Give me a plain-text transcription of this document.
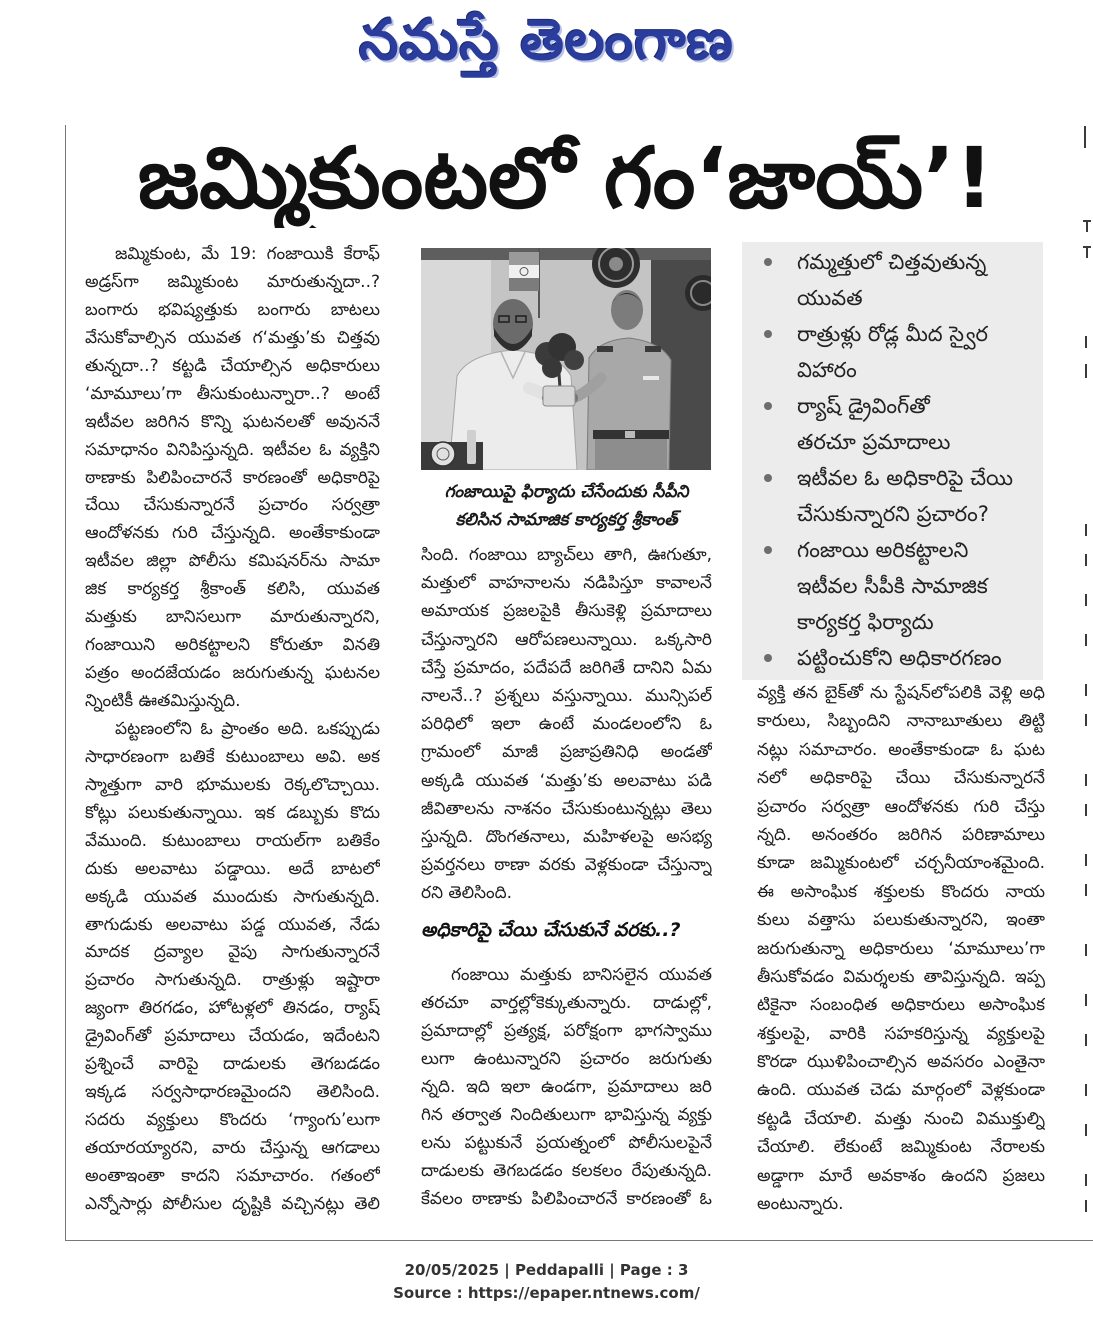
నమస్తే తెలంగాణ
జమ్మికుంటలో గం‘జాయ్’!
జమ్మికుంట, మే 19: గంజాయికి కేరాఫ్
అడ్రస్‌గా జమ్మికుంట మారుతున్నదా..?
బంగారు భవిష్యత్తుకు బంగారు బాటలు
వేసుకోవాల్సిన యువత గ‘మత్తు’కు చిత్తవు
తున్నదా..? కట్టడి చేయాల్సిన అధికారులు
‘మామూలు’గా తీసుకుంటున్నారా..? అంటే
ఇటీవల జరిగిన కొన్ని ఘటనలతో అవుననే
సమాధానం వినిపిస్తున్నది. ఇటీవల ఓ వ్యక్తిని
ఠాణాకు పిలిపించారనే కారణంతో అధికారిపై
చేయి చేసుకున్నారనే ప్రచారం సర్వత్రా
ఆందోళనకు గురి చేస్తున్నది. అంతేకాకుండా
ఇటీవల జిల్లా పోలీసు కమిషనర్‌ను సామా
జిక కార్యకర్త శ్రీకాంత్ కలిసి, యువత
మత్తుకు బానిసలుగా మారుతున్నారని,
గంజాయిని అరికట్టాలని కోరుతూ వినతి
పత్రం అందజేయడం జరుగుతున్న ఘటనల
న్నింటికీ ఊతమిస్తున్నది.
పట్టణంలోని ఓ ప్రాంతం అది. ఒకప్పుడు
సాధారణంగా బతికే కుటుంబాలు అవి. అక
స్మాత్తుగా వారి భూములకు రెక్కలొచ్చాయి.
కోట్లు పలుకుతున్నాయి. ఇక డబ్బుకు కొదు
వేముంది. కుటుంబాలు రాయల్‌గా బతికేం
దుకు అలవాటు పడ్డాయి. అదే బాటలో
అక్కడి యువత ముందుకు సాగుతున్నది.
తాగుడుకు అలవాటు పడ్డ యువత, నేడు
మాదక ద్రవ్యాల వైపు సాగుతున్నారనే
ప్రచారం సాగుతున్నది. రాత్రుళ్లు ఇష్టారా
జ్యంగా తిరగడం, హోటళ్లలో తినడం, ర్యాష్
డ్రైవింగ్‌తో ప్రమాదాలు చేయడం, ఇదేంటని
ప్రశ్నించే వారిపై దాడులకు తెగబడడం
ఇక్కడ సర్వసాధారణమైందని తెలిసింది.
సదరు వ్యక్తులు కొందరు ‘గ్యాంగు’లుగా
తయారయ్యారని, వారు చేస్తున్న ఆగడాలు
అంతాఇంతా కాదని సమాచారం. గతంలో
ఎన్నోసార్లు పోలీసుల దృష్టికి వచ్చినట్లు తెలి
గంజాయిపై ఫిర్యాదు చేసేందుకు సీపీని
కలిసిన సామాజిక కార్యకర్త శ్రీకాంత్
సింది. గంజాయి బ్యాచ్‌లు తాగి, ఊగుతూ,
మత్తులో వాహనాలను నడిపిస్తూ కావాలనే
అమాయక ప్రజలపైకి తీసుకెళ్లి ప్రమాదాలు
చేస్తున్నారని ఆరోపణలున్నాయి. ఒక్కసారి
చేస్తే ప్రమాదం, పదేపదే జరిగితే దానిని ఏమ
నాలనే..? ప్రశ్నలు వస్తున్నాయి. మున్సిపల్
పరిధిలో ఇలా ఉంటే మండలంలోని ఓ
గ్రామంలో మాజీ ప్రజాప్రతినిధి అండతో
అక్కడి యువత ‘మత్తు’కు అలవాటు పడి
జీవితాలను నాశనం చేసుకుంటున్నట్లు తెలు
స్తున్నది. దొంగతనాలు, మహిళలపై అసభ్య
ప్రవర్తనలు ఠాణా వరకు వెళ్లకుండా చేస్తున్నా
రని తెలిసింది.
అధికారిపై చేయి చేసుకునే వరకు..?
గంజాయి మత్తుకు బానిసలైన యువత
తరచూ వార్తల్లోకెక్కుతున్నారు. దాడుల్లో,
ప్రమాదాల్లో ప్రత్యక్ష, పరోక్షంగా భాగస్వాము
లుగా ఉంటున్నారని ప్రచారం జరుగుతు
న్నది. ఇది ఇలా ఉండగా, ప్రమాదాలు జరి
గిన తర్వాత నిందితులుగా భావిస్తున్న వ్యక్తు
లను పట్టుకునే ప్రయత్నంలో పోలీసులపైనే
దాడులకు తెగబడడం కలకలం రేపుతున్నది.
కేవలం ఠాణాకు పిలిపించారనే కారణంతో ఓ
గమ్మత్తులో చిత్తవుతున్న
యువత
రాత్రుళ్లు రోడ్ల మీద స్వైర
విహారం
ర్యాష్ డ్రైవింగ్‌తో
తరచూ ప్రమాదాలు
ఇటీవల ఓ అధికారిపై చేయి
చేసుకున్నారని ప్రచారం?
గంజాయి అరికట్టాలని
ఇటీవల సీపీకి సామాజిక
కార్యకర్త ఫిర్యాదు
పట్టించుకోని అధికారగణం
వ్యక్తి తన బైక్‌తో ను స్టేషన్‌లోపలికి వెళ్లి అధి
కారులు, సిబ్బందిని నానాబూతులు తిట్టి
నట్లు సమాచారం. అంతేకాకుండా ఓ ఘట
నలో అధికారిపై చేయి చేసుకున్నారనే
ప్రచారం సర్వత్రా ఆందోళనకు గురి చేస్తు
న్నది. అనంతరం జరిగిన పరిణామాలు
కూడా జమ్మికుంటలో చర్చనీయాంశమైంది.
ఈ అసాంఘిక శక్తులకు కొందరు నాయ
కులు వత్తాసు పలుకుతున్నారని, ఇంతా
జరుగుతున్నా అధికారులు ‘మామూలు’గా
తీసుకోవడం విమర్శలకు తావిస్తున్నది. ఇప్ప
టికైనా సంబంధిత అధికారులు అసాంఘిక
శక్తులపై, వారికి సహకరిస్తున్న వ్యక్తులపై
కొరడా ఝుళిపించాల్సిన అవసరం ఎంతైనా
ఉంది. యువత చెడు మార్గంలో వెళ్లకుండా
కట్టడి చేయాలి. మత్తు నుంచి విముక్తుల్ని
చేయాలి. లేకుంటే జమ్మికుంట నేరాలకు
అడ్డాగా మారే అవకాశం ఉందని ప్రజలు
అంటున్నారు.
20/05/2025 | Peddapalli | Page : 3
Source : https://epaper.ntnews.com/
